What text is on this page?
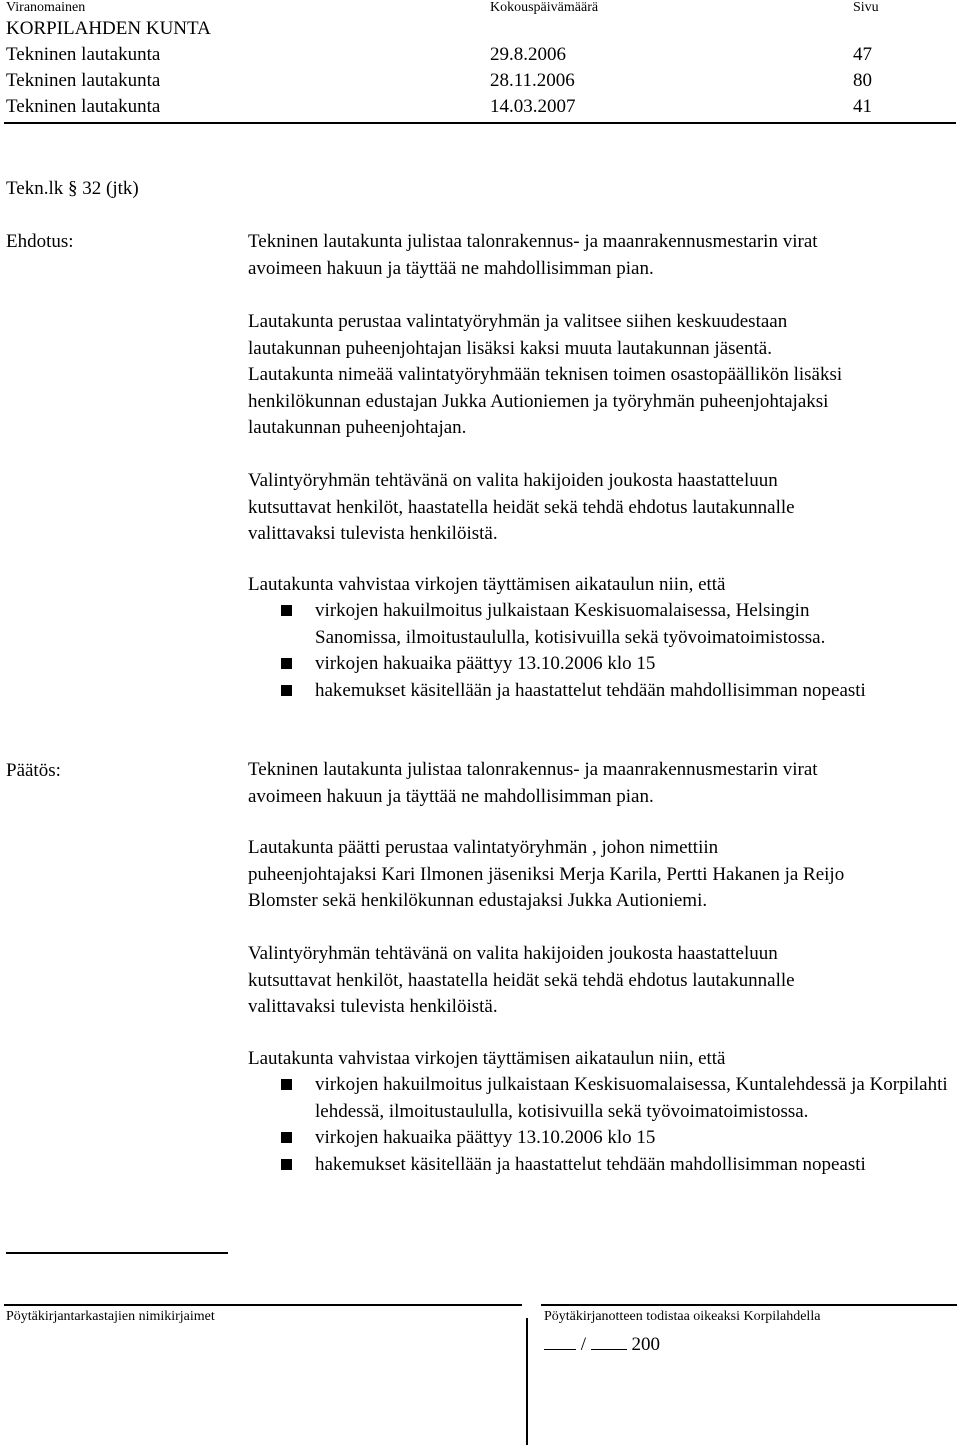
Viranomainen	Kokouspäivämäärä	Sivu
KORPILAHDEN KUNTA
Tekninen lautakunta	29.8.2006	47
Tekninen lautakunta	28.11.2006	80
Tekninen lautakunta	14.03.2007	41
Tekn.lk § 32 (jtk)
Ehdotus:	Tekninen lautakunta julistaa talonrakennus- ja maanrakennusmestarin virat
avoimeen hakuun ja täyttää ne mahdollisimman pian.
Lautakunta perustaa valintatyöryhmän ja valitsee siihen keskuudestaan
lautakunnan puheenjohtajan lisäksi kaksi muuta lautakunnan jäsentä.
Lautakunta nimeää valintatyöryhmään teknisen toimen osastopäällikön lisäksi
henkilökunnan edustajan Jukka Autioniemen ja työryhmän puheenjohtajaksi
lautakunnan puheenjohtajan.
Valintyöryhmän tehtävänä on valita hakijoiden joukosta haastatteluun
kutsuttavat henkilöt, haastatella heidät sekä tehdä ehdotus lautakunnalle
valittavaksi tulevista henkilöistä.
Lautakunta vahvistaa virkojen täyttämisen aikataulun niin, että
virkojen hakuilmoitus julkaistaan Keskisuomalaisessa, Helsingin Sanomissa, ilmoitustaululla, kotisivuilla sekä työvoimatoimistossa.
virkojen hakuaika päättyy 13.10.2006 klo 15
hakemukset käsitellään ja haastattelut tehdään mahdollisimman nopeasti
Päätös:	Tekninen lautakunta julistaa talonrakennus- ja maanrakennusmestarin virat
avoimeen hakuun ja täyttää ne mahdollisimman pian.
Lautakunta päätti perustaa valintatyöryhmän , johon nimettiin
puheenjohtajaksi Kari Ilmonen jäseniksi Merja Karila, Pertti Hakanen ja Reijo
Blomster sekä henkilökunnan edustajaksi Jukka Autioniemi.
Valintyöryhmän tehtävänä on valita hakijoiden joukosta haastatteluun
kutsuttavat henkilöt, haastatella heidät sekä tehdä ehdotus lautakunnalle
valittavaksi tulevista henkilöistä.
Lautakunta vahvistaa virkojen täyttämisen aikataulun niin, että
virkojen hakuilmoitus julkaistaan Keskisuomalaisessa, Kuntalehdessä ja Korpilahti lehdessä, ilmoitustaululla, kotisivuilla sekä työvoimatoimistossa.
virkojen hakuaika päättyy 13.10.2006 klo 15
hakemukset käsitellään ja haastattelut tehdään mahdollisimman nopeasti
Pöytäkirjantarkastajien nimikirjaimet	Pöytäkirjanotteen todistaa oikeaksi Korpilahdella
/ 200
